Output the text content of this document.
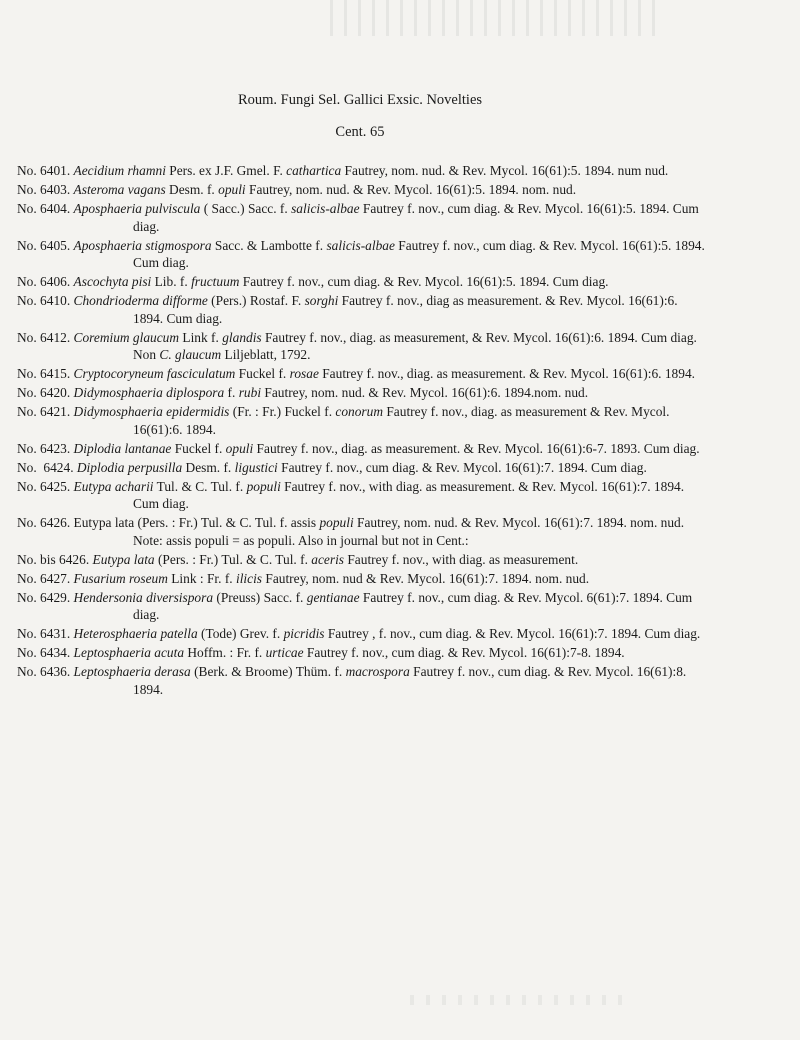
Roum. Fungi Sel. Gallici Exsic. Novelties
Cent. 65
No. 6401. Aecidium rhamni Pers. ex J.F. Gmel. F. cathartica Fautrey, nom. nud. & Rev. Mycol. 16(61):5. 1894. num nud.
No. 6403. Asteroma vagans Desm. f. opuli Fautrey, nom. nud. & Rev. Mycol. 16(61):5. 1894. nom. nud.
No. 6404. Aposphaeria pulviscula ( Sacc.) Sacc. f. salicis-albae Fautrey f. nov., cum diag. & Rev. Mycol. 16(61):5. 1894. Cum diag.
No. 6405. Aposphaeria stigmospora Sacc. & Lambotte f. salicis-albae Fautrey f. nov., cum diag. & Rev. Mycol. 16(61):5. 1894. Cum diag.
No. 6406. Ascochyta pisi Lib. f. fructuum Fautrey f. nov., cum diag. & Rev. Mycol. 16(61):5. 1894. Cum diag.
No. 6410. Chondrioderma difforme (Pers.) Rostaf. F. sorghi Fautrey f. nov., diag as measurement. & Rev. Mycol. 16(61):6. 1894. Cum diag.
No. 6412. Coremium glaucum Link f. glandis Fautrey f. nov., diag. as measurement, & Rev. Mycol. 16(61):6. 1894. Cum diag. Non C. glaucum Liljeblatt, 1792.
No. 6415. Cryptocoryneum fasciculatum Fuckel f. rosae Fautrey f. nov., diag. as measurement. & Rev. Mycol. 16(61):6. 1894.
No. 6420. Didymosphaeria diplospora f. rubi Fautrey, nom. nud. & Rev. Mycol. 16(61):6. 1894.nom. nud.
No. 6421. Didymosphaeria epidermidis (Fr. : Fr.) Fuckel f. conorum Fautrey f. nov., diag. as measurement & Rev. Mycol. 16(61):6. 1894.
No. 6423. Diplodia lantanae Fuckel f. opuli Fautrey f. nov., diag. as measurement. & Rev. Mycol. 16(61):6-7. 1893. Cum diag.
No.  6424. Diplodia perpusilla Desm. f. ligustici Fautrey f. nov., cum diag. & Rev. Mycol. 16(61):7. 1894. Cum diag.
No. 6425. Eutypa acharii Tul. & C. Tul. f. populi Fautrey f. nov., with diag. as measurement. & Rev. Mycol. 16(61):7. 1894. Cum diag.
No. 6426. Eutypa lata (Pers. : Fr.) Tul. & C. Tul. f. assis populi Fautrey, nom. nud. & Rev. Mycol. 16(61):7. 1894. nom. nud. Note: assis populi = as populi. Also in journal but not in Cent.:
No. bis 6426. Eutypa lata (Pers. : Fr.) Tul. & C. Tul. f. aceris Fautrey f. nov., with diag. as measurement.
No. 6427. Fusarium roseum Link : Fr. f. ilicis Fautrey, nom. nud & Rev. Mycol. 16(61):7. 1894. nom. nud.
No. 6429. Hendersonia diversispora (Preuss) Sacc. f. gentianae Fautrey f. nov., cum diag. & Rev. Mycol. 6(61):7. 1894. Cum diag.
No. 6431. Heterosphaeria patella (Tode) Grev. f. picridis Fautrey , f. nov., cum diag. & Rev. Mycol. 16(61):7. 1894. Cum diag.
No. 6434. Leptosphaeria acuta Hoffm. : Fr. f. urticae Fautrey f. nov., cum diag. & Rev. Mycol. 16(61):7-8. 1894.
No. 6436. Leptosphaeria derasa (Berk. & Broome) Thüm. f. macrospora Fautrey f. nov., cum diag. & Rev. Mycol. 16(61):8. 1894.
